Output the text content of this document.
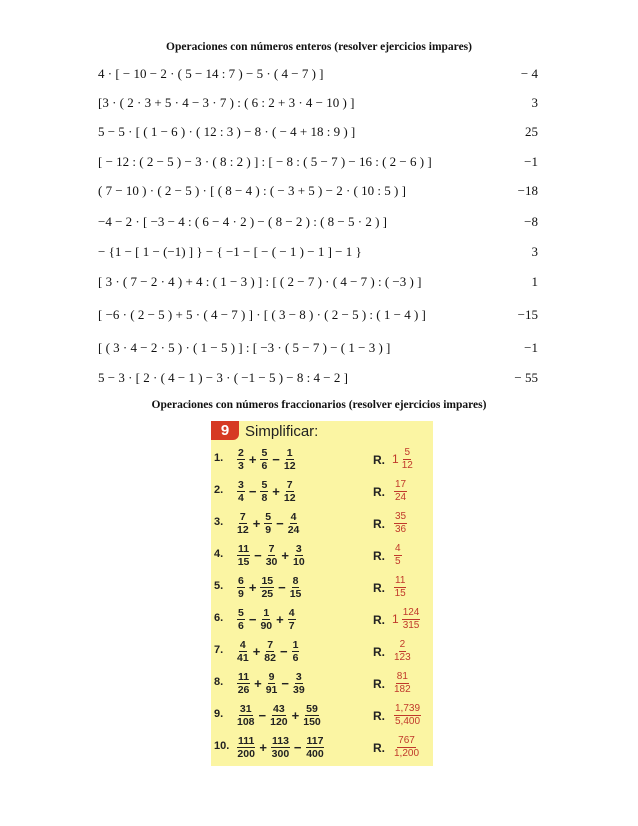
Operaciones con números enteros (resolver ejercicios impares)
4 · [ − 10 − 2 · ( 5 − 14 : 7 ) − 5 · ( 4 − 7 ) ]	− 4
[3 · ( 2 · 3 + 5 · 4 − 3 · 7 ) : ( 6 : 2 + 3 · 4 − 10 ) ]	3
5 − 5 · [ ( 1 − 6 ) · ( 12 : 3 ) − 8 · ( − 4 + 18 : 9 ) ]	25
[ − 12 : ( 2 − 5 ) − 3 · ( 8 : 2 ) ] : [ − 8 : ( 5 − 7 ) − 16 : ( 2 − 6 ) ]	−1
( 7 − 10 ) · ( 2 − 5 ) · [ ( 8 − 4 ) : ( − 3 + 5 ) − 2 · ( 10 : 5 ) ]	−18
−4 − 2 · [ −3 − 4 : ( 6 − 4 · 2 ) − ( 8 − 2 ) : ( 8 − 5 · 2 ) ]	−8
− {1 − [ 1 − (−1) ] } − { −1 − [ − ( − 1 ) − 1 ] − 1 }	3
[ 3 · ( 7 − 2 · 4 ) + 4 : ( 1 − 3 ) ] : [ ( 2 − 7 ) · ( 4 − 7 ) : ( −3 ) ]	1
[ −6 · ( 2 − 5 ) + 5 · ( 4 − 7 ) ] · [ ( 3 − 8 ) · ( 2 − 5 ) : ( 1 − 4 ) ]	−15
[ ( 3 · 4 − 2 · 5 ) · ( 1 − 5 ) ] : [ −3 · ( 5 − 7 ) − ( 1 − 3 ) ]	−1
5 − 3 · [ 2 · ( 4 − 1 ) − 3 · ( −1 − 5 ) − 8 : 4 − 2 ]	− 55
Operaciones con números fraccionarios (resolver ejercicios impares)
9	Simplificar:
1. $\frac{2}{3} + \frac{5}{6} - \frac{1}{12}$	R. $1 \frac{5}{12}$
2. $\frac{3}{4} - \frac{5}{8} + \frac{7}{12}$	R. $\frac{17}{24}$
3. $\frac{7}{12} + \frac{5}{9} - \frac{4}{24}$	R. $\frac{35}{36}$
4. $\frac{11}{15} - \frac{7}{30} + \frac{3}{10}$	R. $\frac{4}{5}$
5. $\frac{6}{9} + \frac{15}{25} - \frac{8}{15}$	R. $\frac{11}{15}$
6. $\frac{5}{6} - \frac{1}{90} + \frac{4}{7}$	R. $1 \frac{124}{315}$
7. $\frac{4}{41} + \frac{7}{82} - \frac{1}{6}$	R. $\frac{2}{123}$
8. $\frac{11}{26} + \frac{9}{91} - \frac{3}{39}$	R. $\frac{81}{182}$
9. $\frac{31}{108} - \frac{43}{120} + \frac{59}{150}$	R. $\frac{1,739}{5,400}$
10. $\frac{111}{200} + \frac{113}{300} - \frac{117}{400}$	R. $\frac{767}{1,200}$
